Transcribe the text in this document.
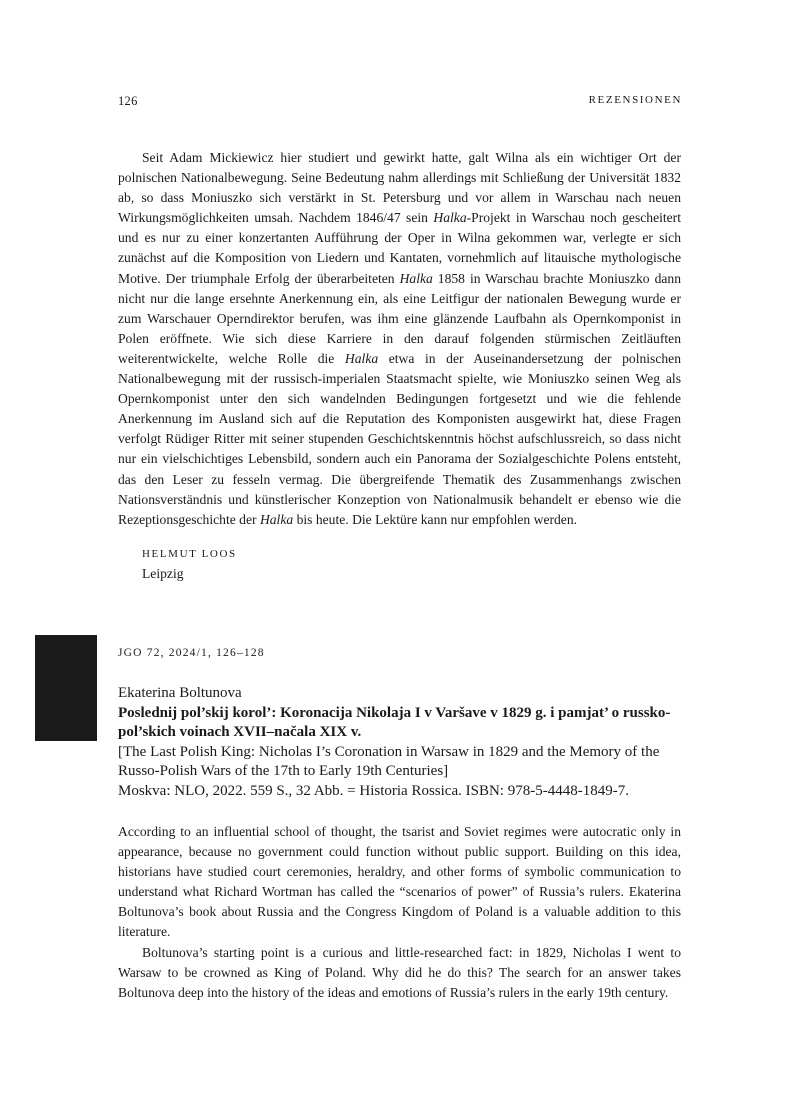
126	REZENSIONEN

Seit Adam Mickiewicz hier studiert und gewirkt hatte, galt Wilna als ein wichtiger Ort der polnischen Nationalbewegung. Seine Bedeutung nahm allerdings mit Schließung der Universität 1832 ab, so dass Moniuszko sich verstärkt in St. Petersburg und vor allem in Warschau nach neuen Wirkungsmöglichkeiten umsah. Nachdem 1846/47 sein Halka-Projekt in Warschau noch gescheitert und es nur zu einer konzertanten Aufführung der Oper in Wilna gekommen war, verlegte er sich zunächst auf die Komposition von Liedern und Kantaten, vornehmlich auf litauische mythologische Motive. Der triumphale Erfolg der überarbeiteten Halka 1858 in Warschau brachte Moniuszko dann nicht nur die lange ersehnte Anerkennung ein, als eine Leitfigur der nationalen Bewegung wurde er zum Warschauer Operndirektor berufen, was ihm eine glänzende Laufbahn als Opernkomponist in Polen eröffnete. Wie sich diese Karriere in den darauf folgenden stürmischen Zeitläuften weiterentwickelte, welche Rolle die Halka etwa in der Auseinandersetzung der polnischen Nationalbewegung mit der russisch-imperialen Staatsmacht spielte, wie Moniuszko seinen Weg als Opernkomponist unter den sich wandelnden Bedingungen fortgesetzt und wie die fehlende Anerkennung im Ausland sich auf die Reputation des Komponisten ausgewirkt hat, diese Fragen verfolgt Rüdiger Ritter mit seiner stupenden Geschichtskenntnis höchst aufschlussreich, so dass nicht nur ein vielschichtiges Lebensbild, sondern auch ein Panorama der Sozialgeschichte Polens entsteht, das den Leser zu fesseln vermag. Die übergreifende Thematik des Zusammenhangs zwischen Nationsverständnis und künstlerischer Konzeption von Nationalmusik behandelt er ebenso wie die Rezeptionsgeschichte der Halka bis heute. Die Lektüre kann nur empfohlen werden.

HELMUT LOOS
Leipzig
JGO 72, 2024/1, 126–128
Ekaterina Boltunova
Poslednij pol’skij korol’: Koronacija Nikolaja I v Varšave v 1829 g. i pamjat’ o russko-pol’skich voinach XVII–načala XIX v.
[The Last Polish King: Nicholas I’s Coronation in Warsaw in 1829 and the Memory of the Russo-Polish Wars of the 17th to Early 19th Centuries]
Moskva: NLO, 2022. 559 S., 32 Abb. = Historia Rossica. ISBN: 978-5-4448-1849-7.

According to an influential school of thought, the tsarist and Soviet regimes were autocratic only in appearance, because no government could function without public support. Building on this idea, historians have studied court ceremonies, heraldry, and other forms of symbolic communication to understand what Richard Wortman has called the “scenarios of power” of Russia’s rulers. Ekaterina Boltunova’s book about Russia and the Congress Kingdom of Poland is a valuable addition to this literature.

Boltunova’s starting point is a curious and little-researched fact: in 1829, Nicholas I went to Warsaw to be crowned as King of Poland. Why did he do this? The search for an answer takes Boltunova deep into the history of the ideas and emotions of Russia’s rulers in the early 19th century.
